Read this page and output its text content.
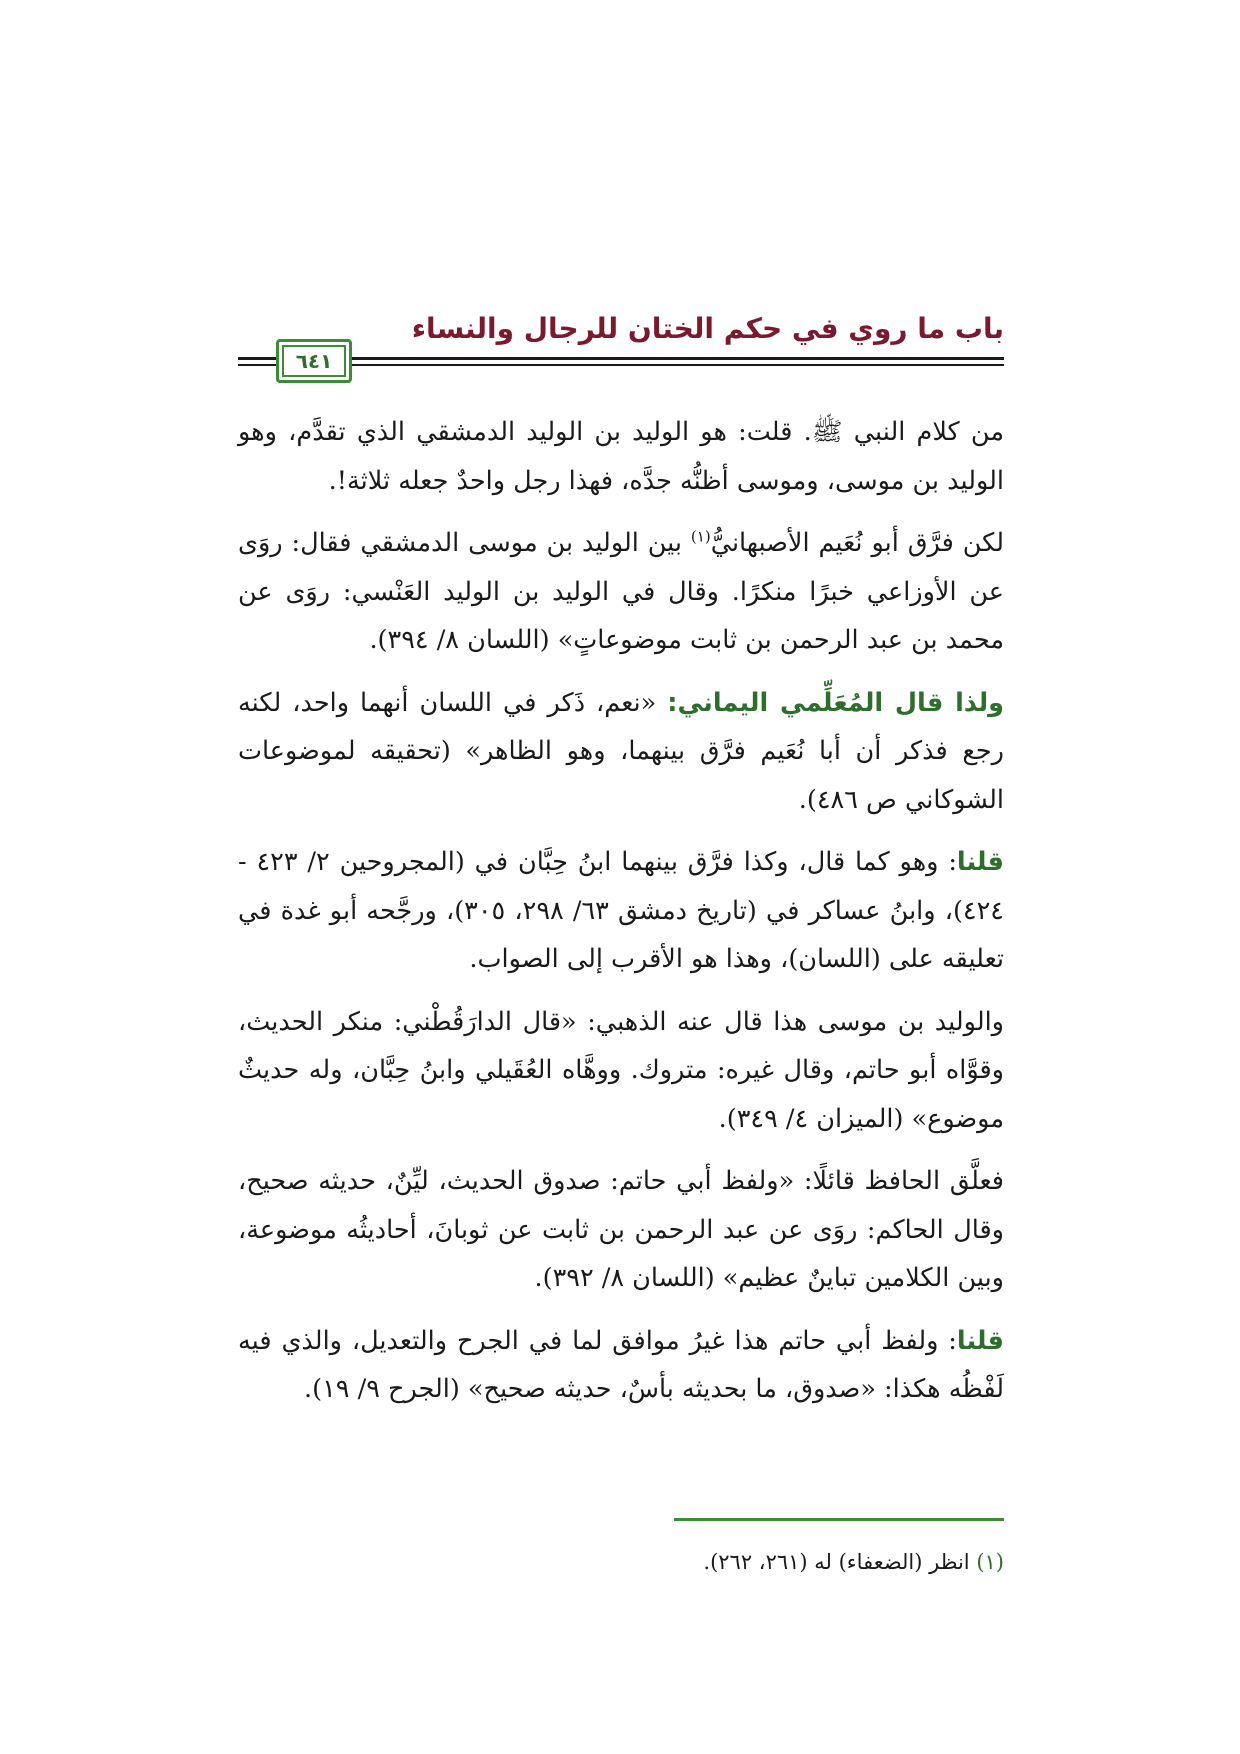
باب ما روي في حكم الختان للرجال والنساء
٦٤١

من كلام النبي ﷺ. قلت: هو الوليد بن الوليد الدمشقي الذي تقدَّم، وهو الوليد بن موسى، وموسى أظنُّه جدَّه، فهذا رجل واحدٌ جعله ثلاثة!.

لكن فرَّق أبو نُعَيم الأصبهانيُّ$^{(١)}$ بين الوليد بن موسى الدمشقي فقال: روَى عن الأوزاعي خبرًا منكرًا. وقال في الوليد بن الوليد العَنْسي: روَى عن محمد بن عبد الرحمن بن ثابت موضوعاتٍ» (اللسان ٨/ ٣٩٤).

ولذا قال المُعَلِّمي اليماني: «نعم، ذَكر في اللسان أنهما واحد، لكنه رجع فذكر أن أبا نُعَيم فرَّق بينهما، وهو الظاهر» (تحقيقه لموضوعات الشوكاني ص ٤٨٦).

قلنا: وهو كما قال، وكذا فرَّق بينهما ابنُ حِبَّان في (المجروحين ٢/ ٤٢٣ - ٤٢٤)، وابنُ عساكر في (تاريخ دمشق ٦٣/ ٢٩٨، ٣٠٥)، ورجَّحه أبو غدة في تعليقه على (اللسان)، وهذا هو الأقرب إلى الصواب.

والوليد بن موسى هذا قال عنه الذهبي: «قال الدارَقُطْني: منكر الحديث، وقوَّاه أبو حاتم، وقال غيره: متروك. ووهَّاه العُقَيلي وابنُ حِبَّان، وله حديثٌ موضوع» (الميزان ٤/ ٣٤٩).

فعلَّق الحافظ قائلًا: «ولفظ أبي حاتم: صدوق الحديث، ليِّنٌ، حديثه صحيح، وقال الحاكم: روَى عن عبد الرحمن بن ثابت عن ثوبانَ، أحاديثُه موضوعة، وبين الكلامين تباينٌ عظيم» (اللسان ٨/ ٣٩٢).

قلنا: ولفظ أبي حاتم هذا غيرُ موافق لما في الجرح والتعديل، والذي فيه لَفْظُه هكذا: «صدوق، ما بحديثه بأسٌ، حديثه صحيح» (الجرح ٩/ ١٩).

(١) انظر (الضعفاء) له (٢٦١، ٢٦٢).
